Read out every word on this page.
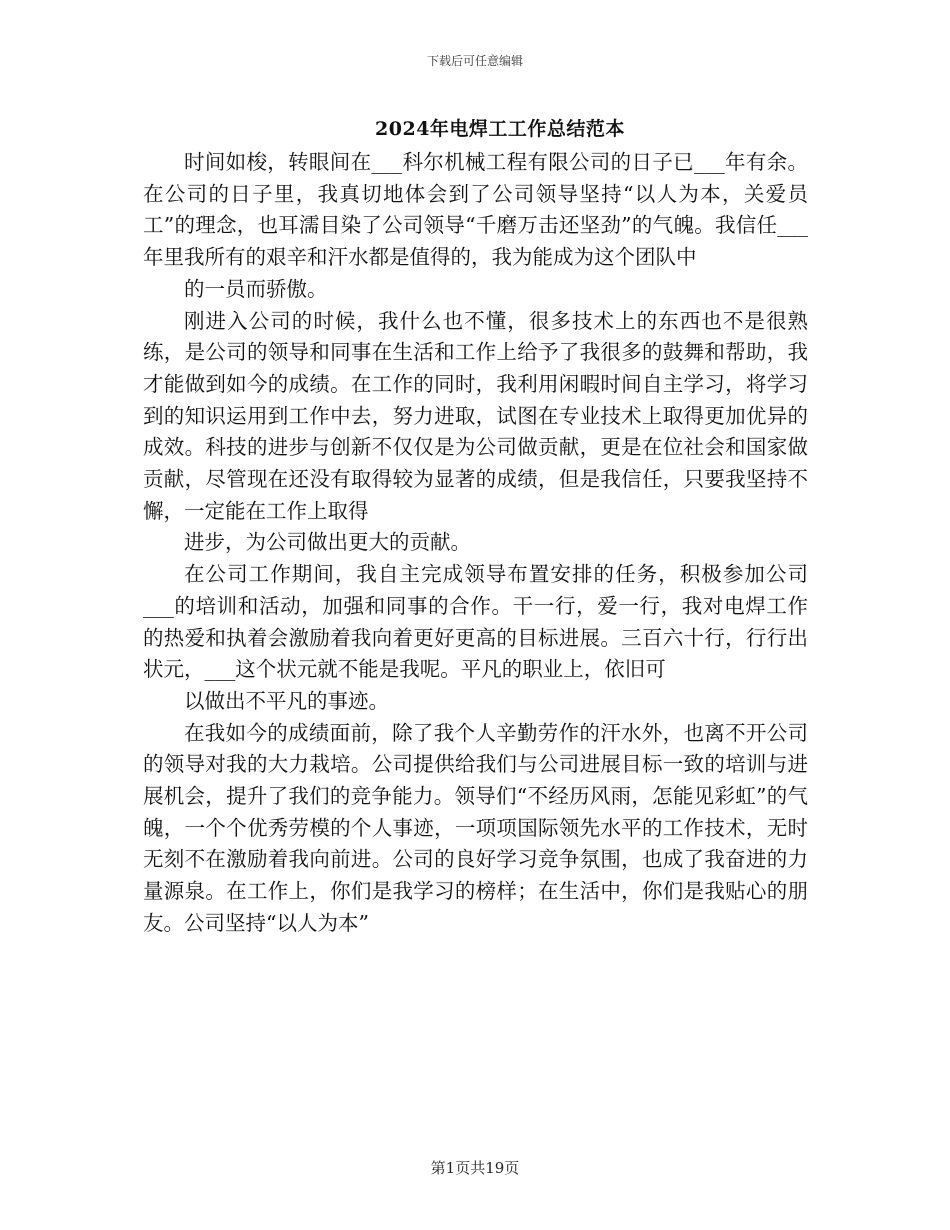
下载后可任意编辑
2024年电焊工工作总结范本

时间如梭，转眼间在___科尔机械工程有限公司的日子已___年有余。在公司的日子里，我真切地体会到了公司领导坚持“以人为本，关爱员工”的理念，也耳濡目染了公司领导“千磨万击还坚劲”的气魄。我信任___年里我所有的艰辛和汗水都是值得的，我为能成为这个团队中

的一员而骄傲。

刚进入公司的时候，我什么也不懂，很多技术上的东西也不是很熟练，是公司的领导和同事在生活和工作上给予了我很多的鼓舞和帮助，我才能做到如今的成绩。在工作的同时，我利用闲暇时间自主学习，将学习到的知识运用到工作中去，努力进取，试图在专业技术上取得更加优异的成效。科技的进步与创新不仅仅是为公司做贡献，更是在位社会和国家做贡献，尽管现在还没有取得较为显著的成绩，但是我信任，只要我坚持不懈，一定能在工作上取得

进步，为公司做出更大的贡献。

在公司工作期间，我自主完成领导布置安排的任务，积极参加公司___的培训和活动，加强和同事的合作。干一行，爱一行，我对电焊工作的热爱和执着会激励着我向着更好更高的目标进展。三百六十行，行行出状元，___这个状元就不能是我呢。平凡的职业上，依旧可

以做出不平凡的事迹。

在我如今的成绩面前，除了我个人辛勤劳作的汗水外，也离不开公司的领导对我的大力栽培。公司提供给我们与公司进展目标一致的培训与进展机会，提升了我们的竞争能力。领导们“不经历风雨，怎能见彩虹”的气魄，一个个优秀劳模的个人事迹，一项项国际领先水平的工作技术，无时无刻不在激励着我向前进。公司的良好学习竞争氛围，也成了我奋进的力量源泉。在工作上，你们是我学习的榜样；在生活中，你们是我贴心的朋友。公司坚持“以人为本”

第1页共19页
